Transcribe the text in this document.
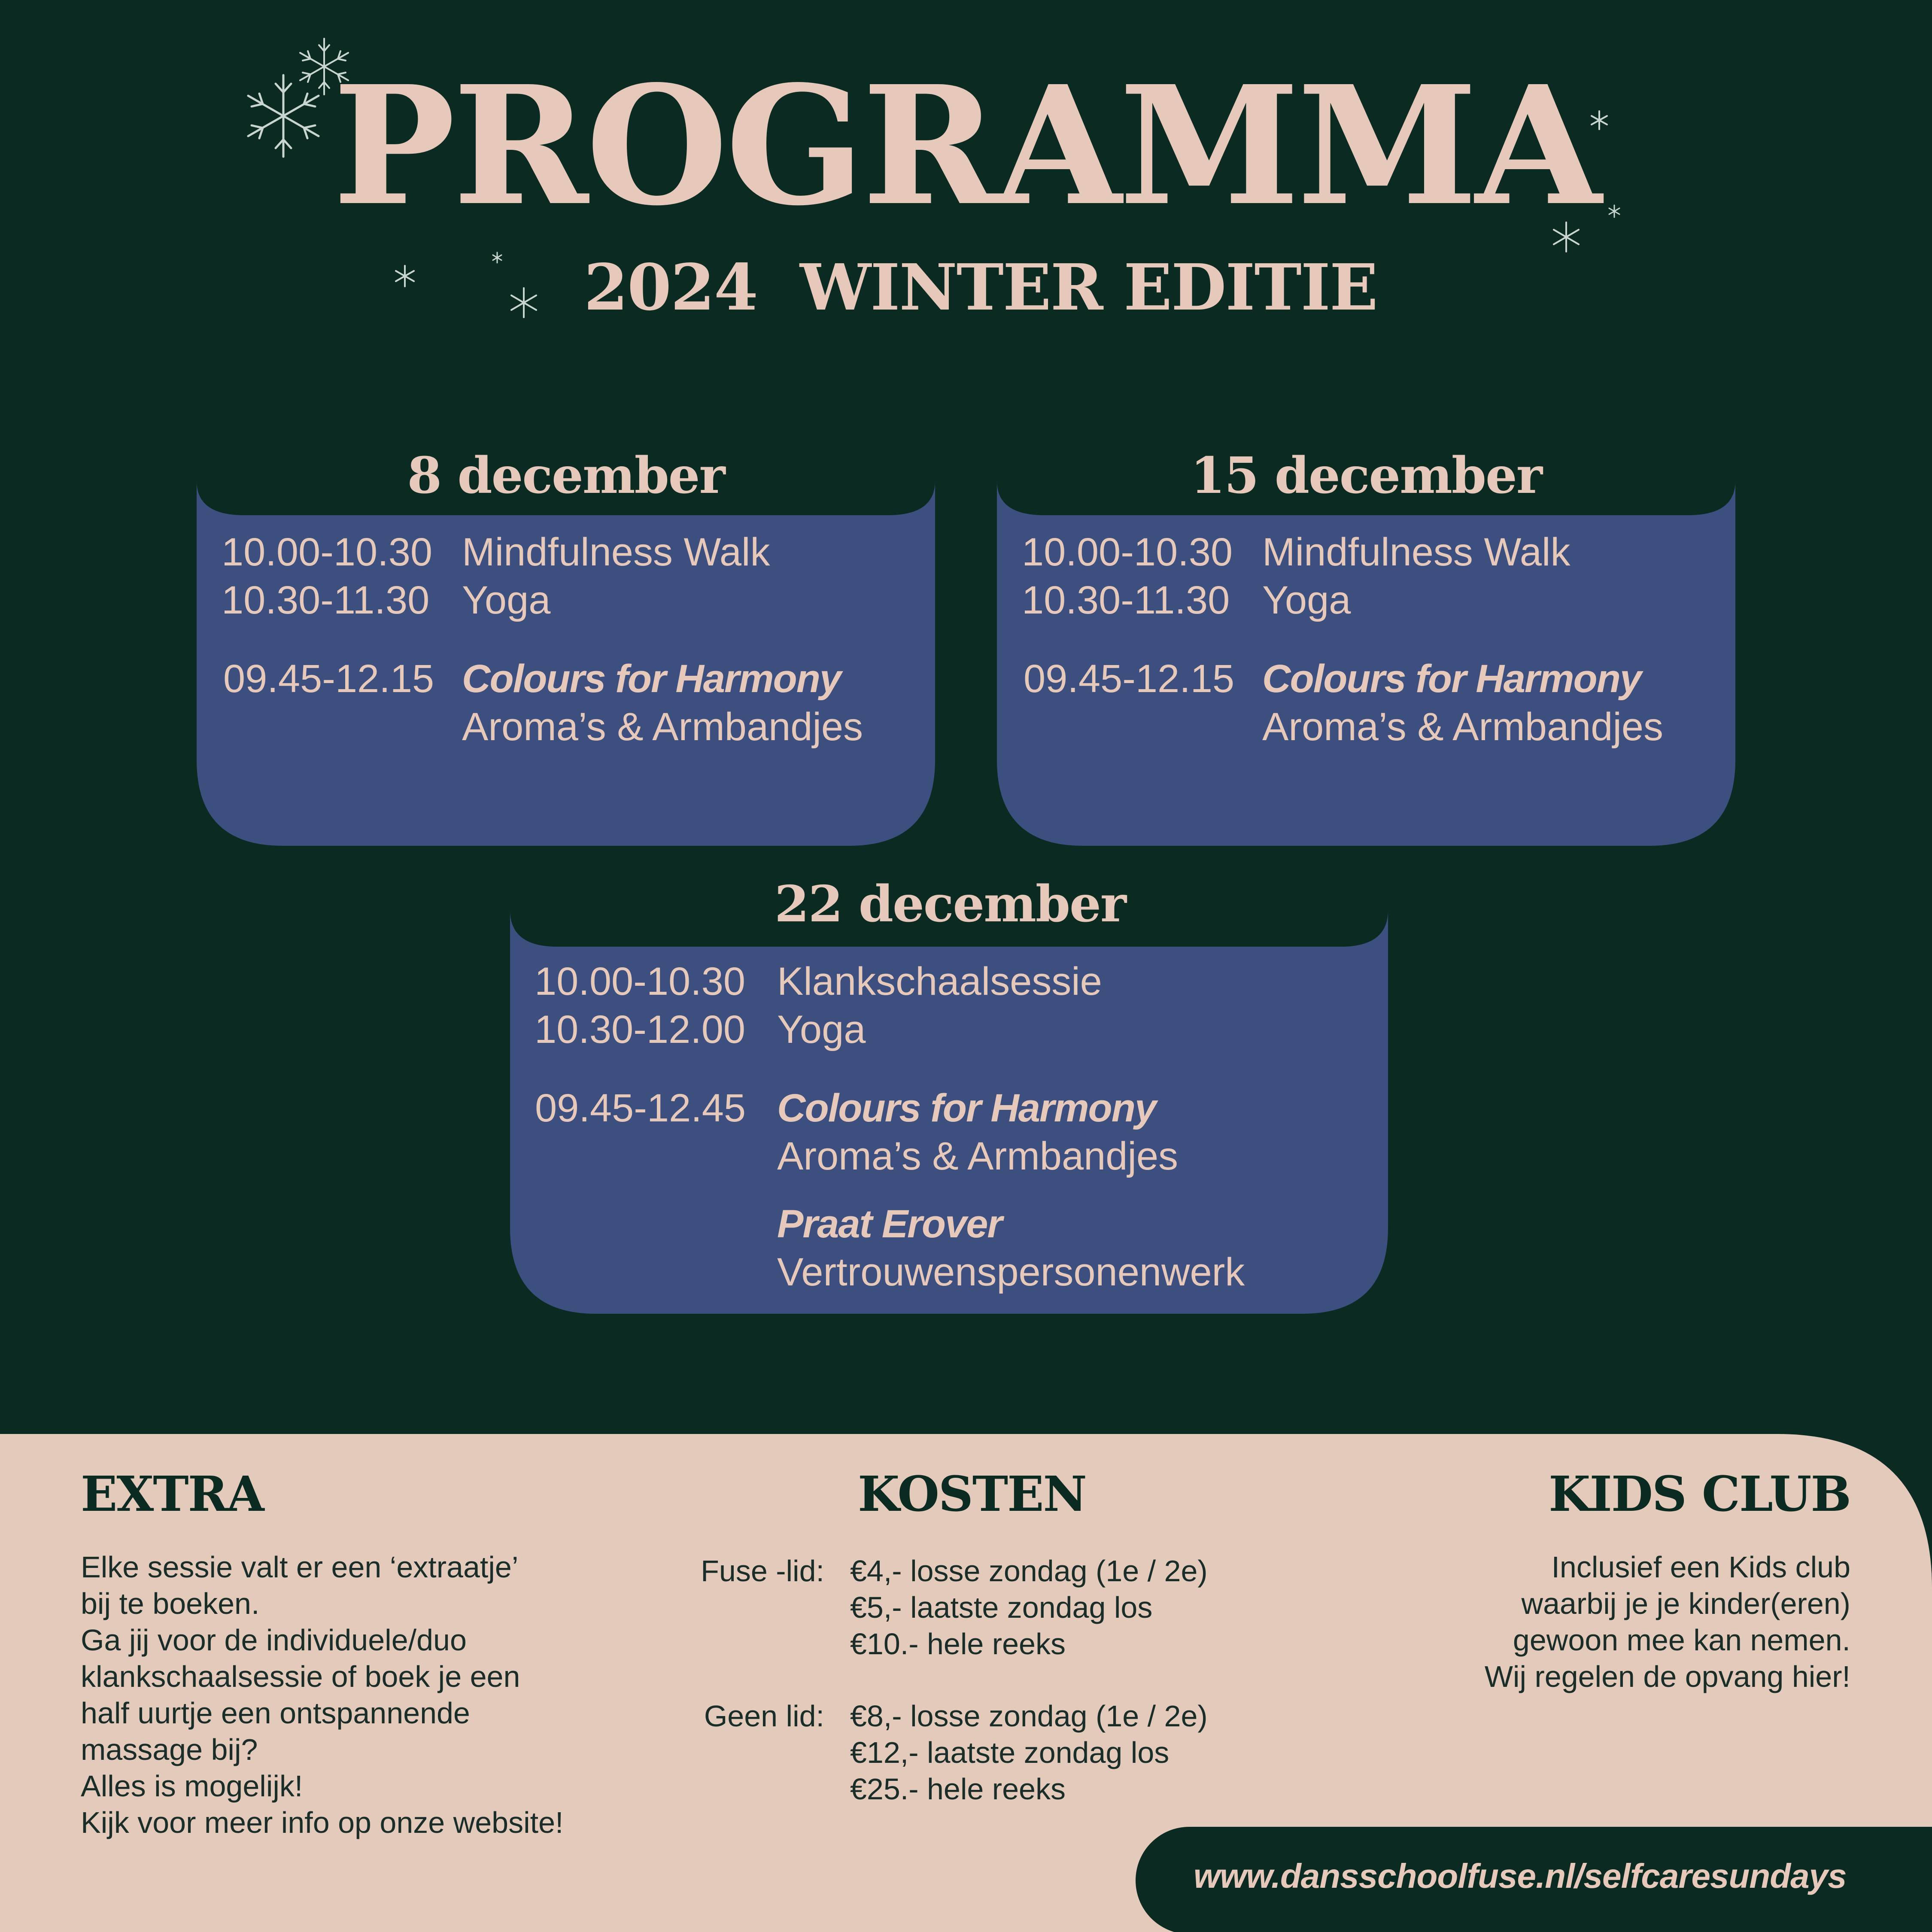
PROGRAMMA
2024  WINTER EDITIE
8 december
10.00-10.30 Mindfulness Walk
10.30-11.30 Yoga
09.45-12.15 Colours for Harmony
Aroma’s & Armbandjes
15 december
10.00-10.30 Mindfulness Walk
10.30-11.30 Yoga
09.45-12.15 Colours for Harmony
Aroma’s & Armbandjes
22 december
10.00-10.30 Klankschaalsessie
10.30-12.00 Yoga
09.45-12.45 Colours for Harmony
Aroma’s & Armbandjes
Praat Erover
Vertrouwenspersonenwerk
EXTRA
Elke sessie valt er een ‘extraatje’
bij te boeken.
Ga jij voor de individuele/duo
klankschaalsessie of boek je een
half uurtje een ontspannende
massage bij?
Alles is mogelijk!
Kijk voor meer info op onze website!
KOSTEN
Fuse -lid: €4,- losse zondag (1e / 2e)
€5,- laatste zondag los
€10.- hele reeks
Geen lid: €8,- losse zondag (1e / 2e)
€12,- laatste zondag los
€25.- hele reeks
KIDS CLUB
Inclusief een Kids club
waarbij je je kinder(eren)
gewoon mee kan nemen.
Wij regelen de opvang hier!
www.dansschoolfuse.nl/selfcaresundays
